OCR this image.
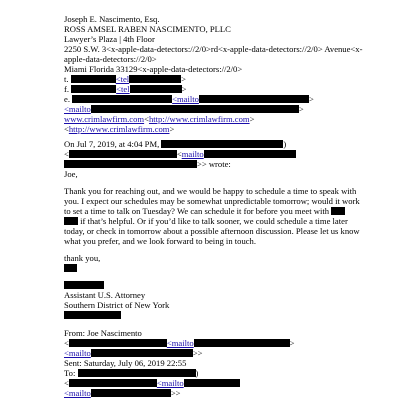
Joseph E. Nascimento, Esq.
ROSS AMSEL RABEN NASCIMENTO, PLLC
Lawyer’s Plaza | 4th Floor
2250 S.W. 3<x-apple-data-detectors://2/0>rd<x-apple-data-detectors://2/0> Avenue<x-
apple-data-detectors://2/0>
Miami Florida 33129<x-apple-data-detectors://2/0>
t.	<tel	>
f.	<tel	>
e.	<mailto	>
<mailto	>
www.crimlawfirm.com<http://www.crimlawfirm.com>
<http://www.crimlawfirm.com>
On Jul 7, 2019, at 4:04 PM,	)
<	<mailto
>> wrote:
Joe,
Thank you for reaching out, and we would be happy to schedule a time to speak with
you. I expect our schedules may be somewhat unpredictable tomorrow; would it work
to set a time to talk on Tuesday? We can schedule it for before you meet with
if that’s helpful. Or if you’d like to talk sooner, we could schedule a time later
today, or check in tomorrow about a possible afternoon discussion. Please let us know
what you prefer, and we look forward to being in touch.
thank you,
Assistant U.S. Attorney
Southern District of New York
From: Joe Nascimento
<	<mailto	>
<mailto	>>
Sent: Saturday, July 06, 2019 22:55
To:	)
<	<mailto
<mailto	>>
